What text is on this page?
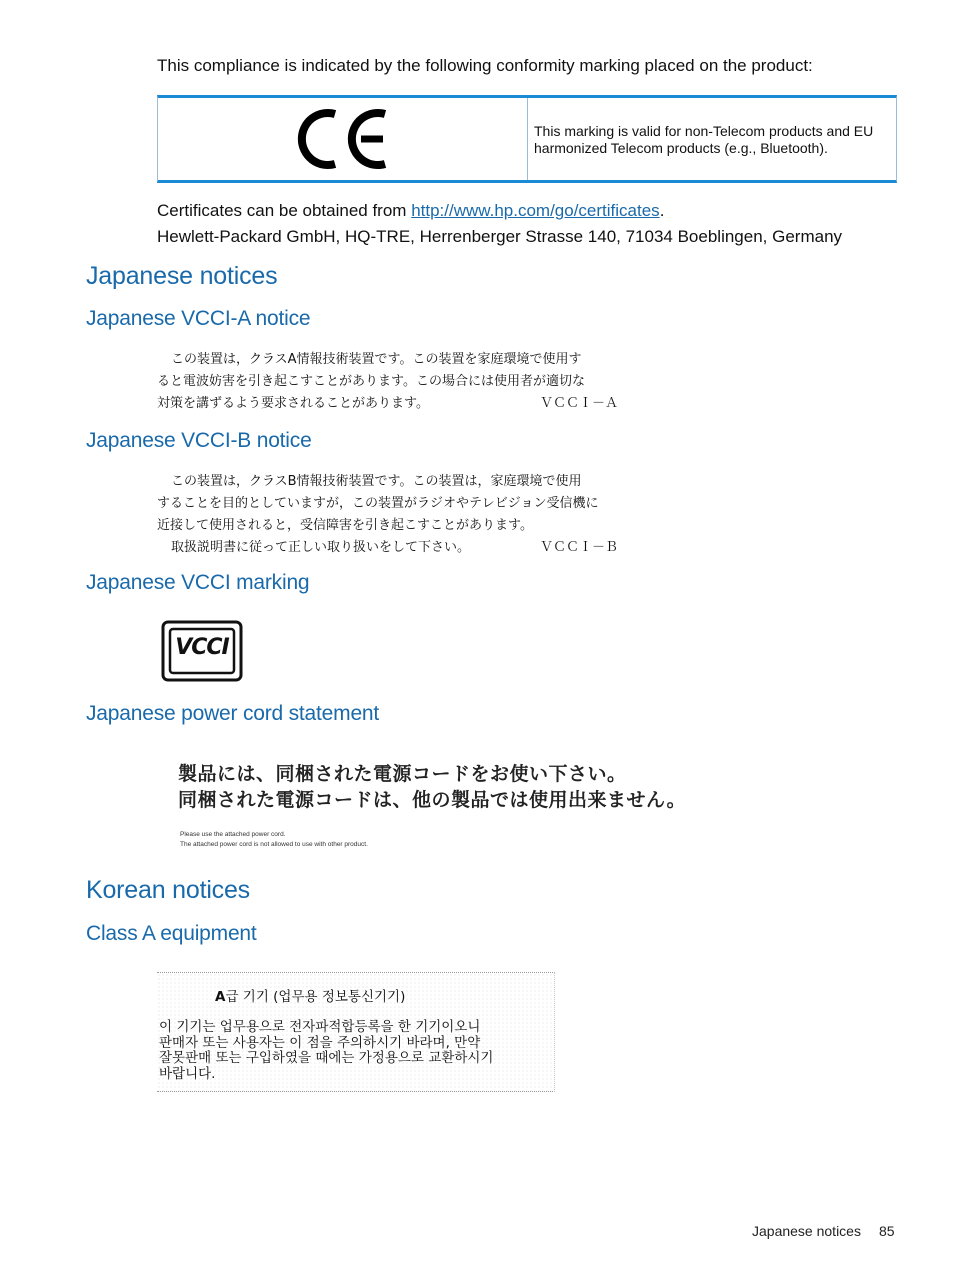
This compliance is indicated by the following conformity marking placed on the product:
This marking is valid for non-Telecom products and EU harmonized Telecom products (e.g., Bluetooth).
Certificates can be obtained from http://www.hp.com/go/certificates.
Hewlett-Packard GmbH, HQ-TRE, Herrenberger Strasse 140, 71034 Boeblingen, Germany
Japanese notices
Japanese VCCI-A notice
この装置は，クラスA情報技術装置です。この装置を家庭環境で使用す
ると電波妨害を引き起こすことがあります。この場合には使用者が適切な
対策を講ずるよう要求されることがあります。	ＶＣＣＩ－Ａ
Japanese VCCI-B notice
この装置は，クラスB情報技術装置です。この装置は，家庭環境で使用
することを目的としていますが，この装置がラジオやテレビジョン受信機に
近接して使用されると，受信障害を引き起こすことがあります。
取扱説明書に従って正しい取り扱いをして下さい。	ＶＣＣＩ－Ｂ
Japanese VCCI marking
VCCI
Japanese power cord statement
製品には、同梱された電源コードをお使い下さい。
同梱された電源コードは、他の製品では使用出来ません。
Please use the attached power cord.
The attached power cord is not allowed to use with other product.
Korean notices
Class A equipment
A급 기기 (업무용 정보통신기기)
이 기기는 업무용으로 전자파적합등록을 한 기기이오니
판매자 또는 사용자는 이 점을 주의하시기 바라며, 만약
잘못판매 또는 구입하였을 때에는 가정용으로 교환하시기
바랍니다.
Japanese notices 85
